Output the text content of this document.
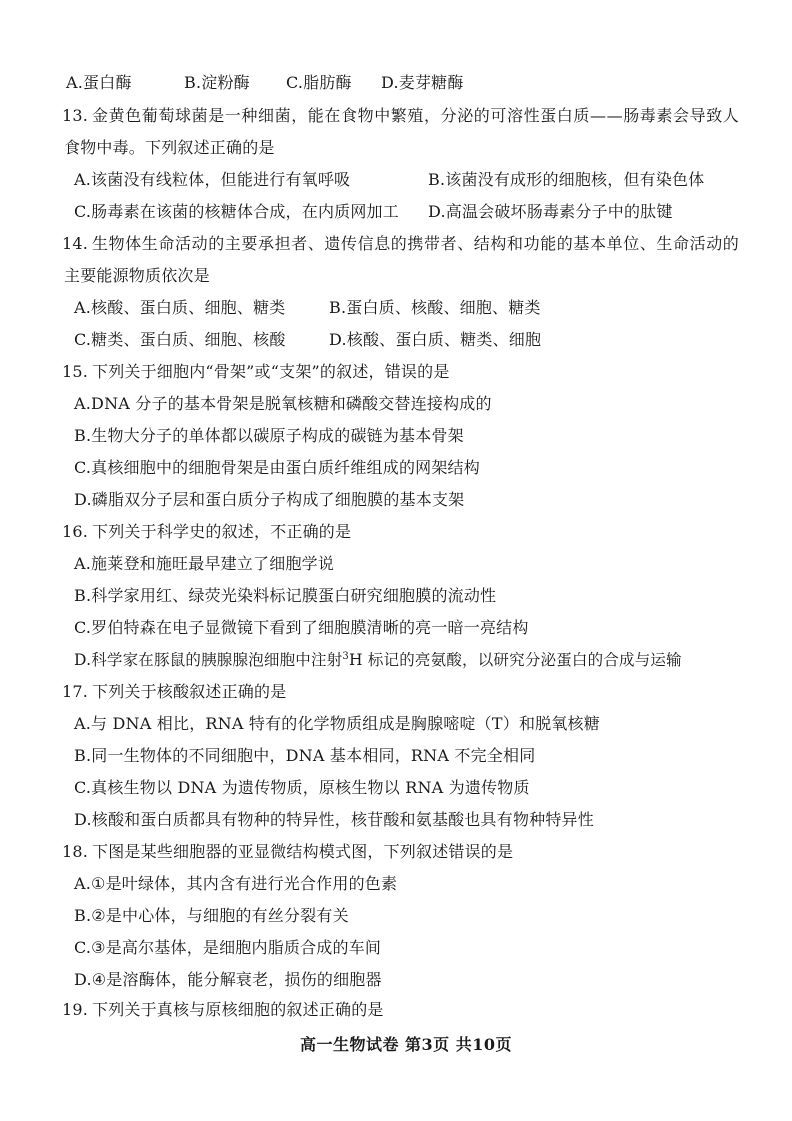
A.蛋白酶	B.淀粉酶 C.脂肪酶 D.麦芽糖酶
13. 金黄色葡萄球菌是一种细菌，能在食物中繁殖，分泌的可溶性蛋白质——肠毒素会导致人
食物中毒。下列叙述正确的是
A.该菌没有线粒体，但能进行有氧呼吸	B.该菌没有成形的细胞核，但有染色体
C.肠毒素在该菌的核糖体合成，在内质网加工 D.高温会破坏肠毒素分子中的肽键
14. 生物体生命活动的主要承担者、遗传信息的携带者、结构和功能的基本单位、生命活动的
主要能源物质依次是
A.核酸、蛋白质、细胞、糖类	B.蛋白质、核酸、细胞、糖类
C.糖类、蛋白质、细胞、核酸	D.核酸、蛋白质、糖类、细胞
15. 下列关于细胞内“骨架”或“支架”的叙述，错误的是
A.DNA 分子的基本骨架是脱氧核糖和磷酸交替连接构成的
B.生物大分子的单体都以碳原子构成的碳链为基本骨架
C.真核细胞中的细胞骨架是由蛋白质纤维组成的网架结构
D.磷脂双分子层和蛋白质分子构成了细胞膜的基本支架
16. 下列关于科学史的叙述，不正确的是
A.施莱登和施旺最早建立了细胞学说
B.科学家用红、绿荧光染料标记膜蛋白研究细胞膜的流动性
C.罗伯特森在电子显微镜下看到了细胞膜清晰的亮一暗一亮结构
D.科学家在豚鼠的胰腺腺泡细胞中注射$^3$H 标记的亮氨酸，以研究分泌蛋白的合成与运输
17. 下列关于核酸叙述正确的是
A.与 DNA 相比，RNA 特有的化学物质组成是胸腺嘧啶（T）和脱氧核糖
B.同一生物体的不同细胞中，DNA 基本相同，RNA 不完全相同
C.真核生物以 DNA 为遗传物质，原核生物以 RNA 为遗传物质
D.核酸和蛋白质都具有物种的特异性，核苷酸和氨基酸也具有物种特异性
18. 下图是某些细胞器的亚显微结构模式图，下列叙述错误的是
A.①是叶绿体，其内含有进行光合作用的色素
B.②是中心体，与细胞的有丝分裂有关
C.③是高尔基体，是细胞内脂质合成的车间
D.④是溶酶体，能分解衰老，损伤的细胞器
19. 下列关于真核与原核细胞的叙述正确的是
高一生物试卷 第3页 共10页
